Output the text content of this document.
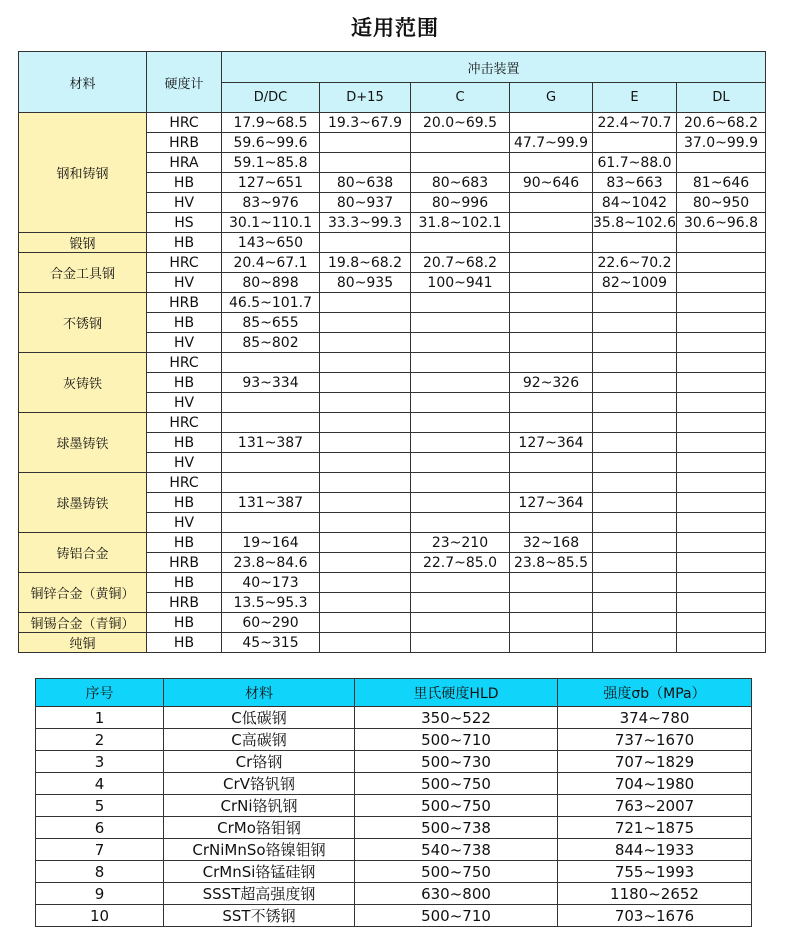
适用范围
材料	硬度计	冲击装置					
		D/DC	D+15	C	G	E	DL
钢和铸钢	HRC	17.9~68.5	19.3~67.9	20.0~69.5		22.4~70.7	20.6~68.2
	HRB	59.6~99.6			47.7~99.9		37.0~99.9
	HRA	59.1~85.8				61.7~88.0	
	HB	127~651	80~638	80~683	90~646	83~663	81~646
	HV	83~976	80~937	80~996		84~1042	80~950
	HS	30.1~110.1	33.3~99.3	31.8~102.1		35.8~102.6	30.6~96.8
锻钢	HB	143~650					
合金工具钢	HRC	20.4~67.1	19.8~68.2	20.7~68.2		22.6~70.2	
	HV	80~898	80~935	100~941		82~1009	
不锈钢	HRB	46.5~101.7					
	HB	85~655					
	HV	85~802					
灰铸铁	HRC						
	HB	93~334			92~326		
	HV						
球墨铸铁	HRC						
	HB	131~387			127~364		
	HV						
球墨铸铁	HRC						
	HB	131~387			127~364		
	HV						
铸铝合金	HB	19~164		23~210	32~168		
	HRB	23.8~84.6		22.7~85.0	23.8~85.5		
铜锌合金（黄铜）	HB	40~173					
	HRB	13.5~95.3					
铜锡合金（青铜）	HB	60~290					
纯铜	HB	45~315					
序号	材料	里氏硬度HLD	强度σb（MPa）
1	C低碳钢	350~522	374~780
2	C高碳钢	500~710	737~1670
3	Cr铬钢	500~730	707~1829
4	CrV铬钒钢	500~750	704~1980
5	CrNi铬钒钢	500~750	763~2007
6	CrMo铬钼钢	500~738	721~1875
7	CrNiMnSo铬镍钼钢	540~738	844~1933
8	CrMnSi铬锰硅钢	500~750	755~1993
9	SSST超高强度钢	630~800	1180~2652
10	SST不锈钢	500~710	703~1676
